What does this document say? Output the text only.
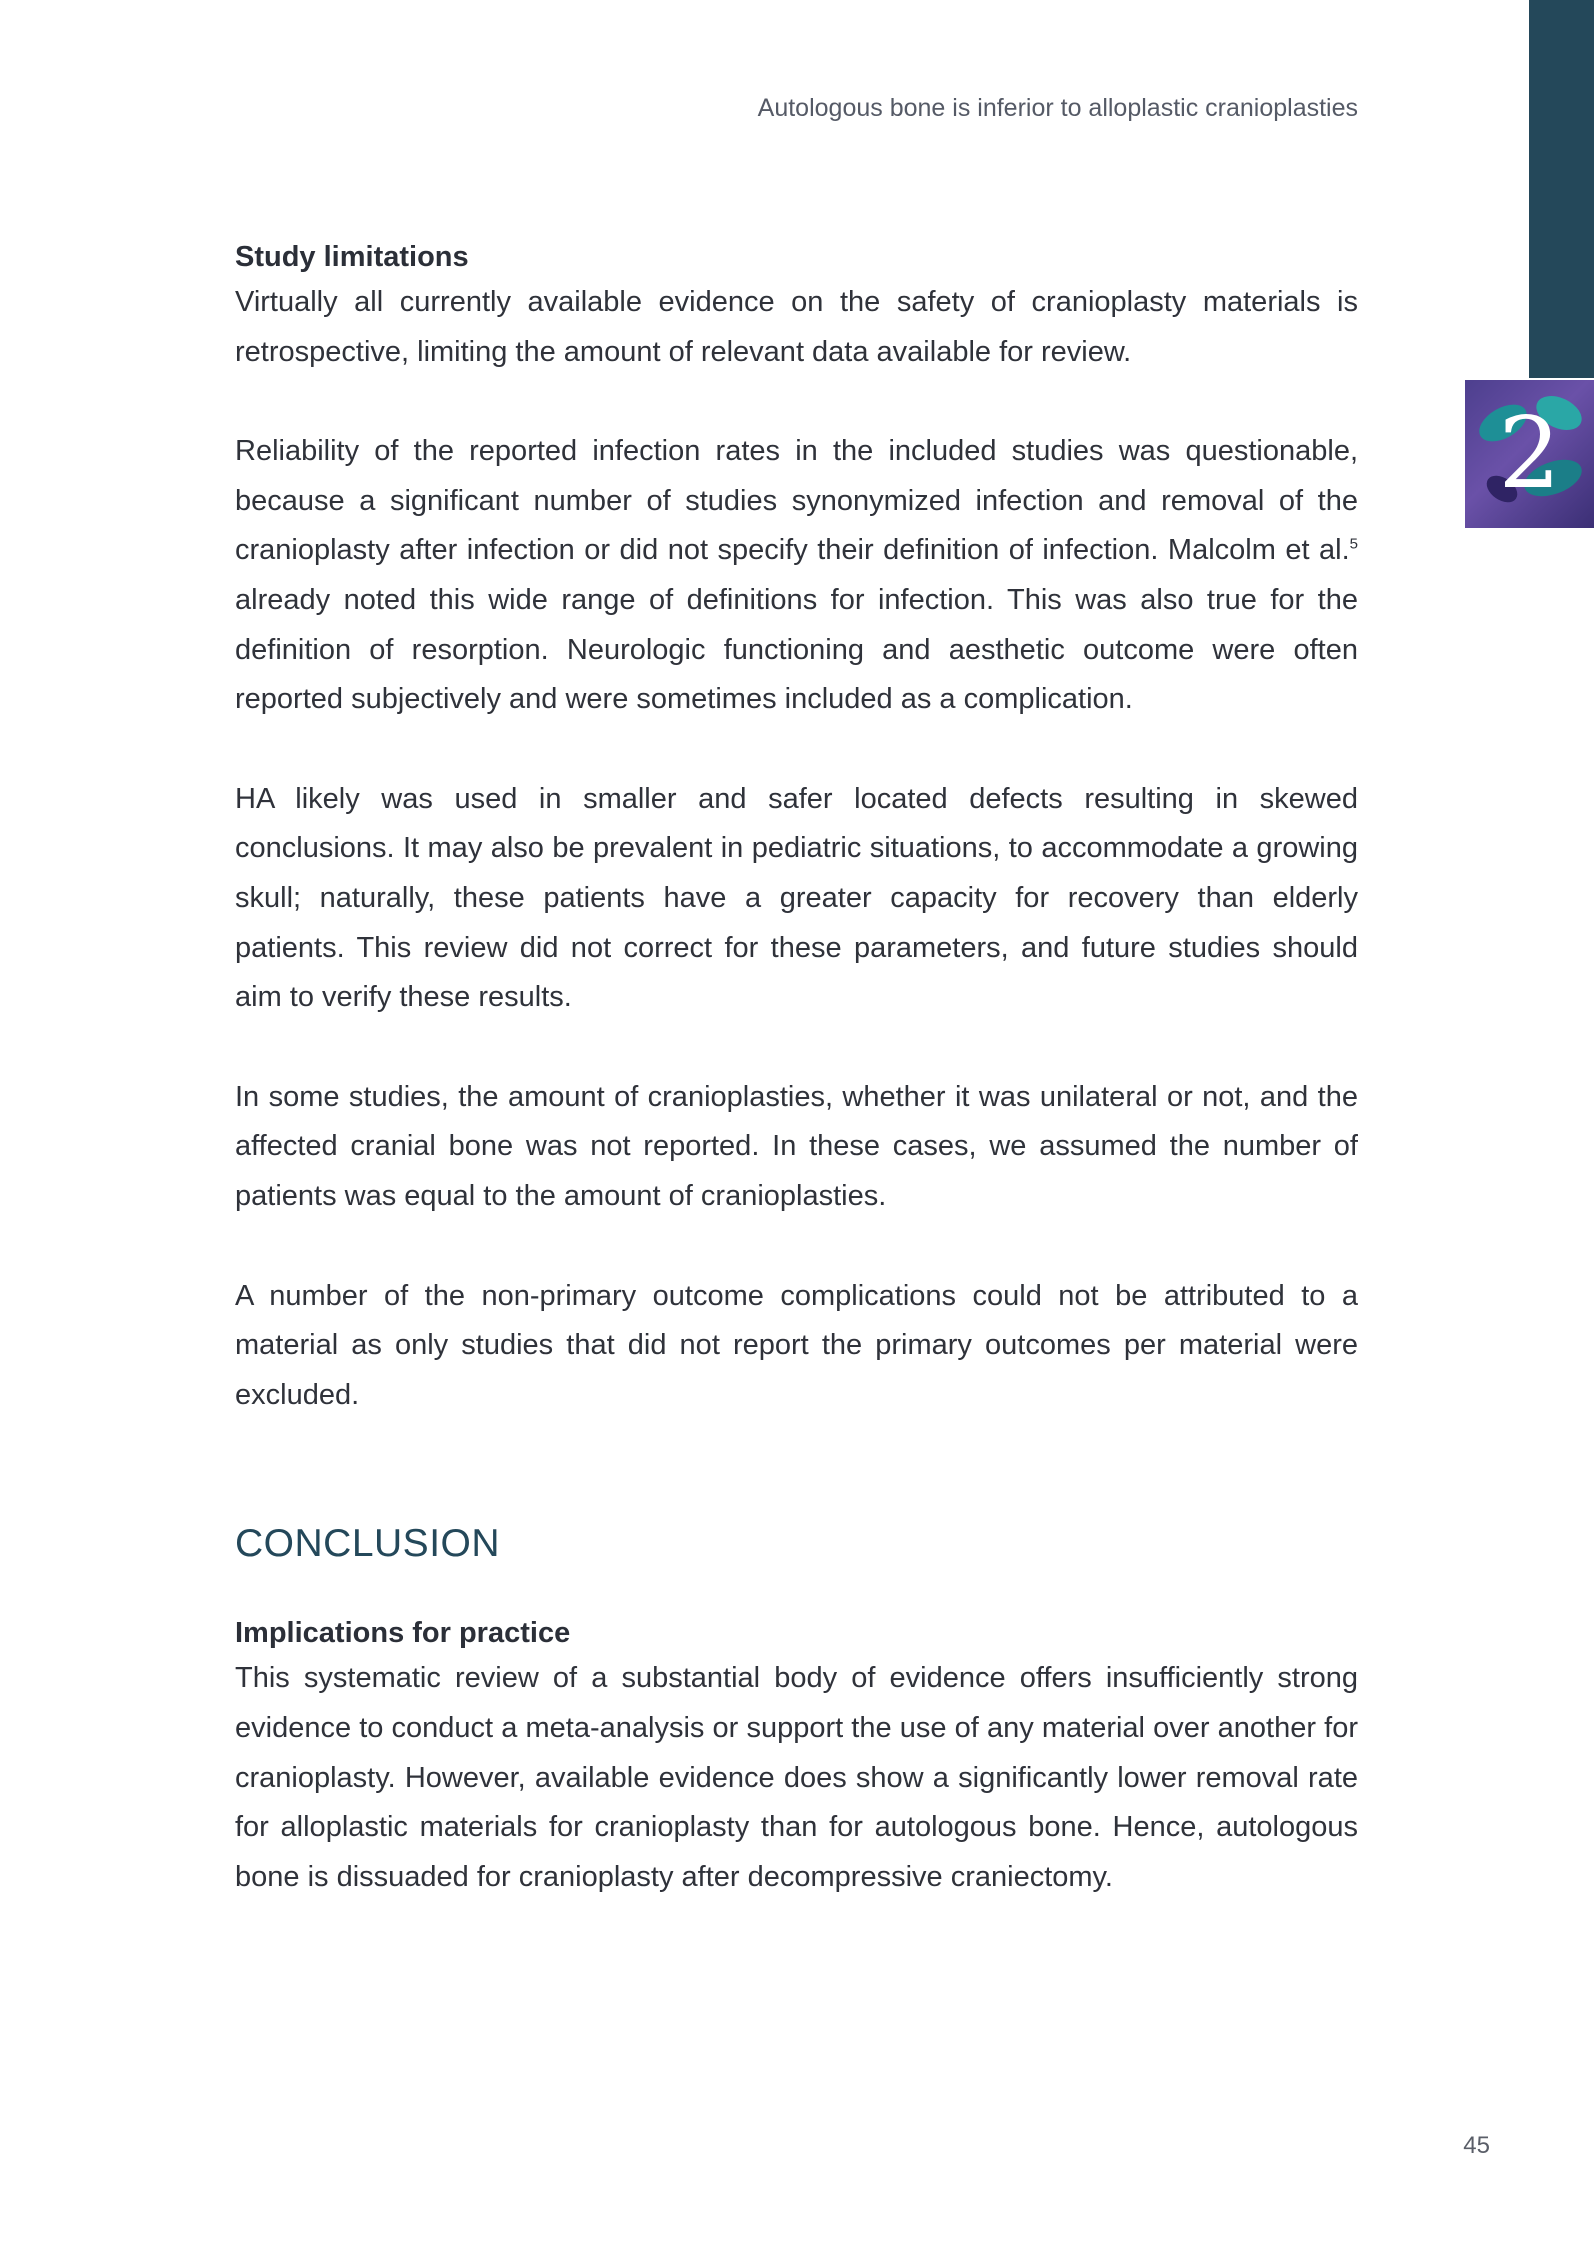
2
Autologous bone is inferior to alloplastic cranioplasties
Study limitations

Virtually all currently available evidence on the safety of cranioplasty materials is retrospective, limiting the amount of relevant data available for review.

Reliability of the reported infection rates in the included studies was questionable, because a significant number of studies synonymized infection and removal of the cranioplasty after infection or did not specify their definition of infection. Malcolm et al.$^5$ already noted this wide range of definitions for infection. This was also true for the definition of resorption. Neurologic functioning and aesthetic outcome were often reported subjectively and were sometimes included as a complication.

HA likely was used in smaller and safer located defects resulting in skewed conclusions. It may also be prevalent in pediatric situations, to accommodate a growing skull; naturally, these patients have a greater capacity for recovery than elderly patients. This review did not correct for these parameters, and future studies should aim to verify these results.

In some studies, the amount of cranioplasties, whether it was unilateral or not, and the affected cranial bone was not reported. In these cases, we assumed the number of patients was equal to the amount of cranioplasties.

A number of the non-primary outcome complications could not be attributed to a material as only studies that did not report the primary outcomes per material were excluded.

CONCLUSION
Implications for practice

This systematic review of a substantial body of evidence offers insufficiently strong evidence to conduct a meta-analysis or support the use of any material over another for cranioplasty. However, available evidence does show a significantly lower removal rate for alloplastic materials for cranioplasty than for autologous bone. Hence, autologous bone is dissuaded for cranioplasty after decompressive craniectomy.

45
